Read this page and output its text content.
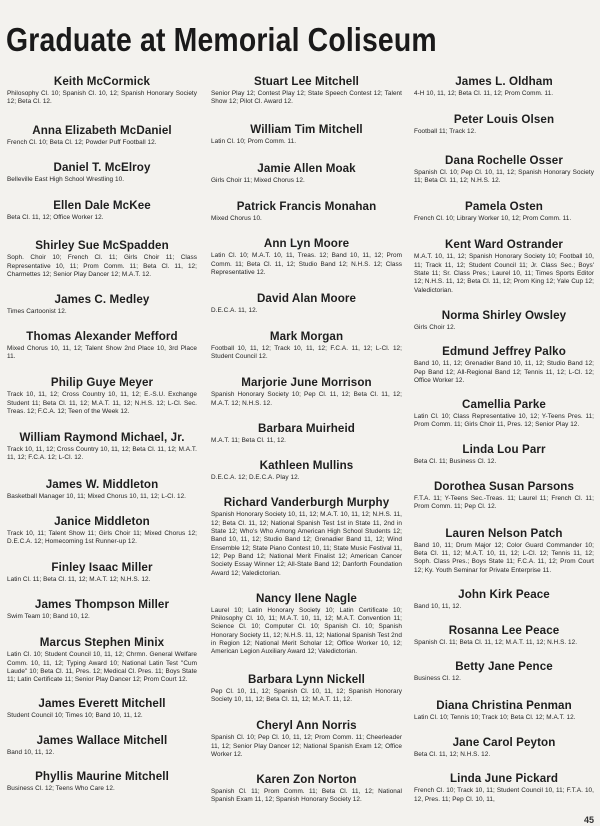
Graduate at Memorial Coliseum
Keith McCormick
Philosophy Cl. 10; Spanish Cl. 10, 12; Spanish Honorary Society 12; Beta Cl. 12.
Anna Elizabeth McDaniel
French Cl. 10; Beta Cl. 12; Powder Puff Football 12.
Daniel T. McElroy
Belleville East High School Wrestling 10.
Ellen Dale McKee
Beta Cl. 11, 12; Office Worker 12.
Shirley Sue McSpadden
Soph. Choir 10; French Cl. 11; Girls Choir 11; Class Representative 10, 11; Prom Comm. 11; Beta Cl. 11, 12; Charmettes 12; Senior Play Dancer 12; M.A.T. 12.
James C. Medley
Times Cartoonist 12.
Thomas Alexander Mefford
Mixed Chorus 10, 11, 12; Talent Show 2nd Place 10, 3rd Place 11.
Philip Guye Meyer
Track 10, 11, 12; Cross Country 10, 11, 12; E.-S.U. Exchange Student 11; Beta Cl. 11, 12; M.A.T. 11, 12; N.H.S. 12; L-Cl. Sec. Treas. 12; F.C.A. 12; Teen of the Week 12.
William Raymond Michael, Jr.
Track 10, 11, 12; Cross Country 10, 11, 12; Beta Cl. 11, 12; M.A.T. 11, 12; F.C.A. 12; L-Cl. 12.
James W. Middleton
Basketball Manager 10, 11; Mixed Chorus 10, 11, 12; L-Cl. 12.
Janice Middleton
Track 10, 11; Talent Show 11; Girls Choir 11; Mixed Chorus 12; D.E.C.A. 12; Homecoming 1st Runner-up 12.
Finley Isaac Miller
Latin Cl. 11; Beta Cl. 11, 12; M.A.T. 12; N.H.S. 12.
James Thompson Miller
Swim Team 10; Band 10, 12.
Marcus Stephen Minix
Latin Cl. 10; Student Council 10, 11, 12; Chrmn. General Welfare Comm. 10, 11, 12; Typing Award 10; National Latin Test "Cum Laude" 10; Beta Cl. 11, Pres. 12; Medical Cl. Pres. 11; Boys State 11; Latin Certificate 11; Senior Play Dancer 12; Prom Court 12.
James Everett Mitchell
Student Council 10; Times 10; Band 10, 11, 12.
James Wallace Mitchell
Band 10, 11, 12.
Phyllis Maurine Mitchell
Business Cl. 12; Teens Who Care 12.
Stuart Lee Mitchell
Senior Play 12; Contest Play 12; State Speech Contest 12; Talent Show 12; Pilot Cl. Award 12.
William Tim Mitchell
Latin Cl. 10; Prom Comm. 11.
Jamie Allen Moak
Girls Choir 11; Mixed Chorus 12.
Patrick Francis Monahan
Mixed Chorus 10.
Ann Lyn Moore
Latin Cl. 10; M.A.T. 10, 11, Treas. 12; Band 10, 11, 12; Prom Comm. 11; Beta Cl. 11, 12; Studio Band 12; N.H.S. 12; Class Representative 12.
David Alan Moore
D.E.C.A. 11, 12.
Mark Morgan
Football 10, 11, 12; Track 10, 11, 12; F.C.A. 11, 12; L-Cl. 12; Student Council 12.
Marjorie June Morrison
Spanish Honorary Society 10; Pep Cl. 11, 12; Beta Cl. 11, 12; M.A.T. 12; N.H.S. 12.
Barbara Muirheid
M.A.T. 11; Beta Cl. 11, 12.
Kathleen Mullins
D.E.C.A. 12; D.E.C.A. Play 12.
Richard Vanderburgh Murphy
Spanish Honorary Society 10, 11, 12; M.A.T. 10, 11, 12; N.H.S. 11, 12; Beta Cl. 11, 12; National Spanish Test 1st in State 11, 2nd in State 12; Who's Who Among American High School Students 12; Band 10, 11, 12; Studio Band 12; Grenadier Band 11, 12; Wind Ensemble 12; State Piano Contest 10, 11; State Music Festival 11, 12; Pep Band 12; National Merit Finalist 12; American Cancer Society Essay Winner 12; All-State Band 12; Danforth Foundation Award 12; Valedictorian.
Nancy Ilene Nagle
Laurel 10; Latin Honorary Society 10; Latin Certificate 10; Philosophy Cl. 10, 11; M.A.T. 10, 11, 12; M.A.T. Convention 11; Science Cl. 10; Computer Cl. 10; Spanish Cl. 10; Spanish Honorary Society 11, 12; N.H.S. 11, 12; National Spanish Test 2nd in Region 12; National Merit Scholar 12; Office Worker 10, 12; American Legion Auxiliary Award 12; Valedictorian.
Barbara Lynn Nickell
Pep Cl. 10, 11, 12; Spanish Cl. 10, 11, 12; Spanish Honorary Society 10, 11, 12; Beta Cl. 11, 12; M.A.T. 11, 12.
Cheryl Ann Norris
Spanish Cl. 10; Pep Cl. 10, 11, 12; Prom Comm. 11; Cheerleader 11, 12; Senior Play Dancer 12; National Spanish Exam 12; Office Worker 12.
Karen Zon Norton
Spanish Cl. 11; Prom Comm. 11; Beta Cl. 11, 12; National Spanish Exam 11, 12; Spanish Honorary Society 12.
James L. Oldham
4-H 10, 11, 12; Beta Cl. 11, 12; Prom Comm. 11.
Peter Louis Olsen
Football 11; Track 12.
Dana Rochelle Osser
Spanish Cl. 10; Pep Cl. 10, 11, 12; Spanish Honorary Society 11; Beta Cl. 11, 12; N.H.S. 12.
Pamela Osten
French Cl. 10; Library Worker 10, 12; Prom Comm. 11.
Kent Ward Ostrander
M.A.T. 10, 11, 12; Spanish Honorary Society 10; Football 10, 11; Track 11, 12; Student Council 11; Jr. Class Sec.; Boys' State 11; Sr. Class Pres.; Laurel 10, 11; Times Sports Editor 12; N.H.S. 11, 12; Beta Cl. 11, 12; Prom King 12; Yale Cup 12; Valedictorian.
Norma Shirley Owsley
Girls Choir 12.
Edmund Jeffrey Palko
Band 10, 11, 12; Grenadier Band 10, 11, 12; Studio Band 12; Pep Band 12; All-Regional Band 12; Tennis 11, 12; L-Cl. 12; Office Worker 12.
Camellia Parke
Latin Cl. 10; Class Representative 10, 12; Y-Teens Pres. 11; Prom Comm. 11; Girls Choir 11, Pres. 12; Senior Play 12.
Linda Lou Parr
Beta Cl. 11; Business Cl. 12.
Dorothea Susan Parsons
F.T.A. 11; Y-Teens Sec.-Treas. 11; Laurel 11; French Cl. 11; Prom Comm. 11; Pep Cl. 12.
Lauren Nelson Patch
Band 10, 11; Drum Major 12; Color Guard Commander 10; Beta Cl. 11, 12; M.A.T. 10, 11, 12; L-Cl. 12; Tennis 11, 12; Soph. Class Pres.; Boys State 11; F.C.A. 11, 12; Prom Court 12; Ky. Youth Seminar for Private Enterprise 11.
John Kirk Peace
Band 10, 11, 12.
Rosanna Lee Peace
Spanish Cl. 11; Beta Cl. 11, 12; M.A.T. 11, 12; N.H.S. 12.
Betty Jane Pence
Business Cl. 12.
Diana Christina Penman
Latin Cl. 10; Tennis 10; Track 10; Beta Cl. 12; M.A.T. 12.
Jane Carol Peyton
Beta Cl. 11, 12; N.H.S. 12.
Linda June Pickard
French Cl. 10; Track 10, 11; Student Council 10, 11; F.T.A. 10, 12, Pres. 11; Pep Cl. 10, 11,
45
